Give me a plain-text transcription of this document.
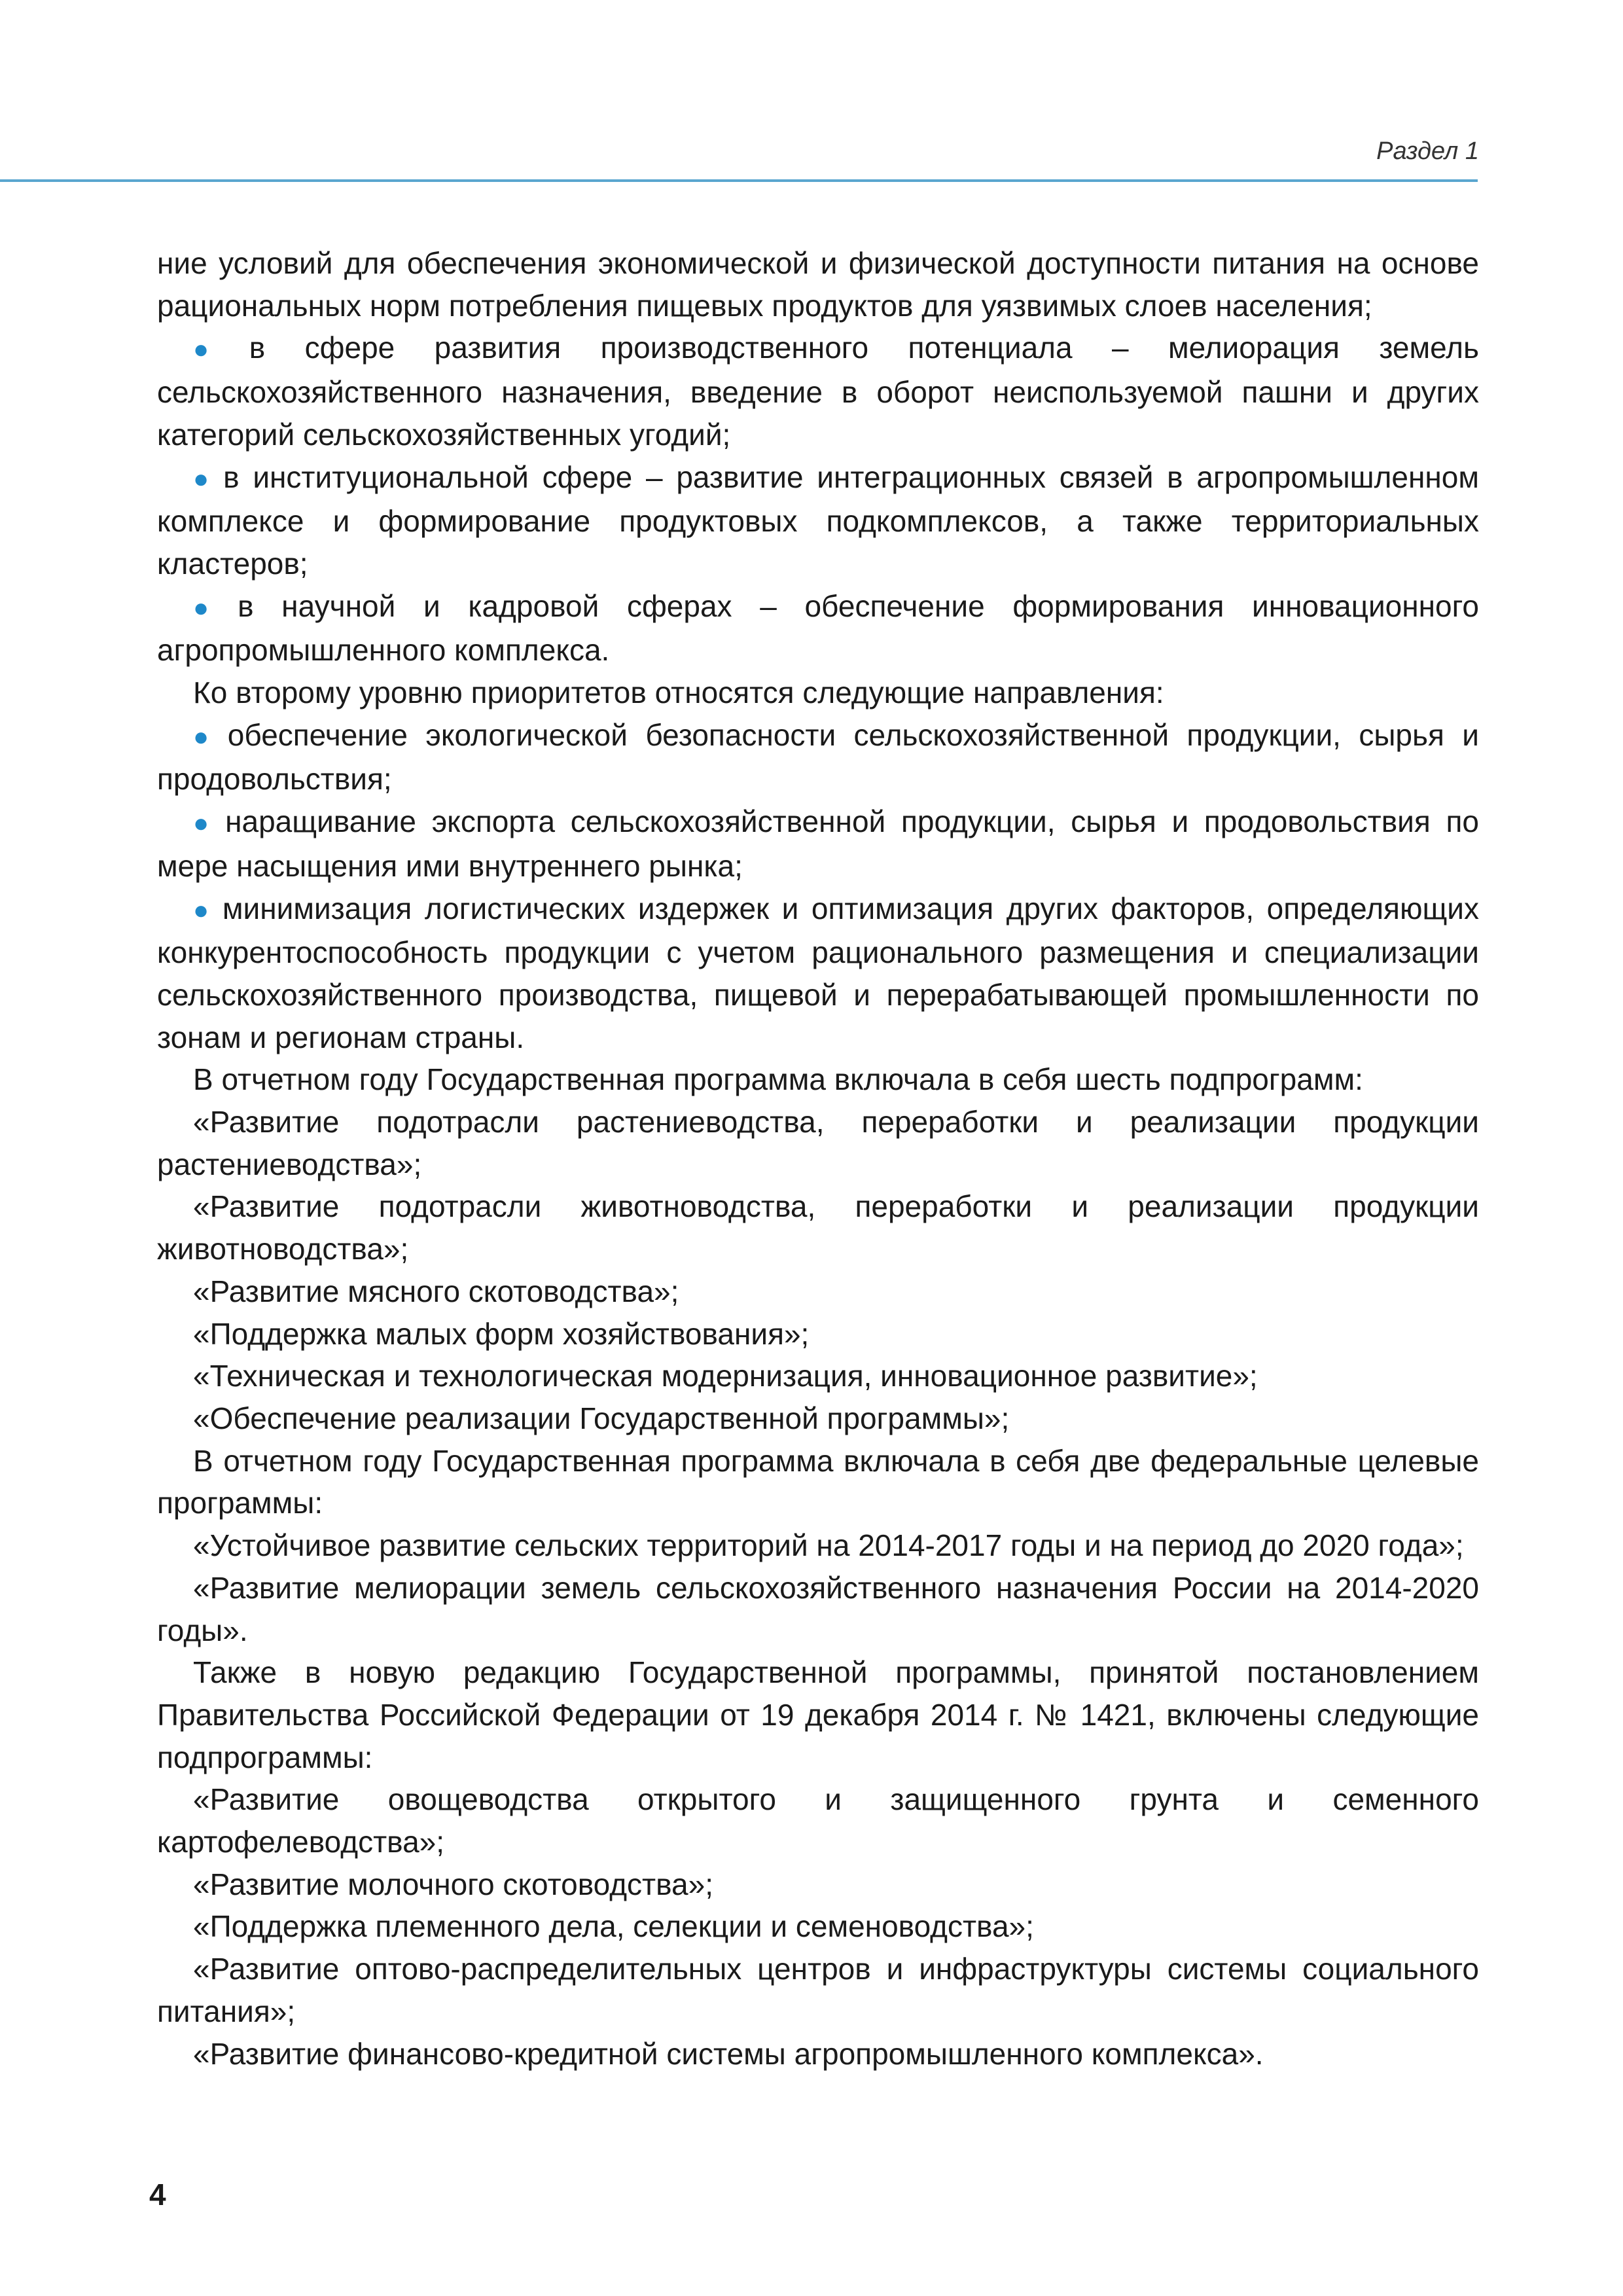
Раздел 1

ние условий для обеспечения экономической и физической доступности питания на основе рациональных норм потребления пищевых продуктов для уязвимых слоев населения;

● в сфере развития производственного потенциала – мелиорация земель сельскохозяйственного назначения, введение в оборот неиспользуемой пашни и других категорий сельскохозяйственных угодий;

● в институциональной сфере – развитие интеграционных связей в агропромышленном комплексе и формирование продуктовых подкомплексов, а также территориальных кластеров;

● в научной и кадровой сферах – обеспечение формирования инновационного агропромышленного комплекса.

Ко второму уровню приоритетов относятся следующие направления:

● обеспечение экологической безопасности сельскохозяйственной продукции, сырья и продовольствия;

● наращивание экспорта сельскохозяйственной продукции, сырья и продовольствия по мере насыщения ими внутреннего рынка;

● минимизация логистических издержек и оптимизация других факторов, определяющих конкурентоспособность продукции с учетом рационального размещения и специализации сельскохозяйственного производства, пищевой и перерабатывающей промышленности по зонам и регионам страны.

В отчетном году Государственная программа включала в себя шесть подпрограмм:

«Развитие подотрасли растениеводства, переработки и реализации продукции растениеводства»;

«Развитие подотрасли животноводства, переработки и реализации продукции животноводства»;

«Развитие мясного скотоводства»;

«Поддержка малых форм хозяйствования»;

«Техническая и технологическая модернизация, инновационное развитие»;

«Обеспечение реализации Государственной программы»;

В отчетном году Государственная программа включала в себя две федеральные целевые программы:

«Устойчивое развитие сельских территорий на 2014-2017 годы и на период до 2020 года»;

«Развитие мелиорации земель сельскохозяйственного назначения России на 2014-2020 годы».

Также в новую редакцию Государственной программы, принятой постановлением Правительства Российской Федерации от 19 декабря 2014 г. № 1421, включены следующие подпрограммы:

«Развитие овощеводства открытого и защищенного грунта и семенного картофелеводства»;

«Развитие молочного скотоводства»;

«Поддержка племенного дела, селекции и семеноводства»;

«Развитие оптово-распределительных центров и инфраструктуры системы социального питания»;

«Развитие финансово-кредитной системы агропромышленного комплекса».

4
